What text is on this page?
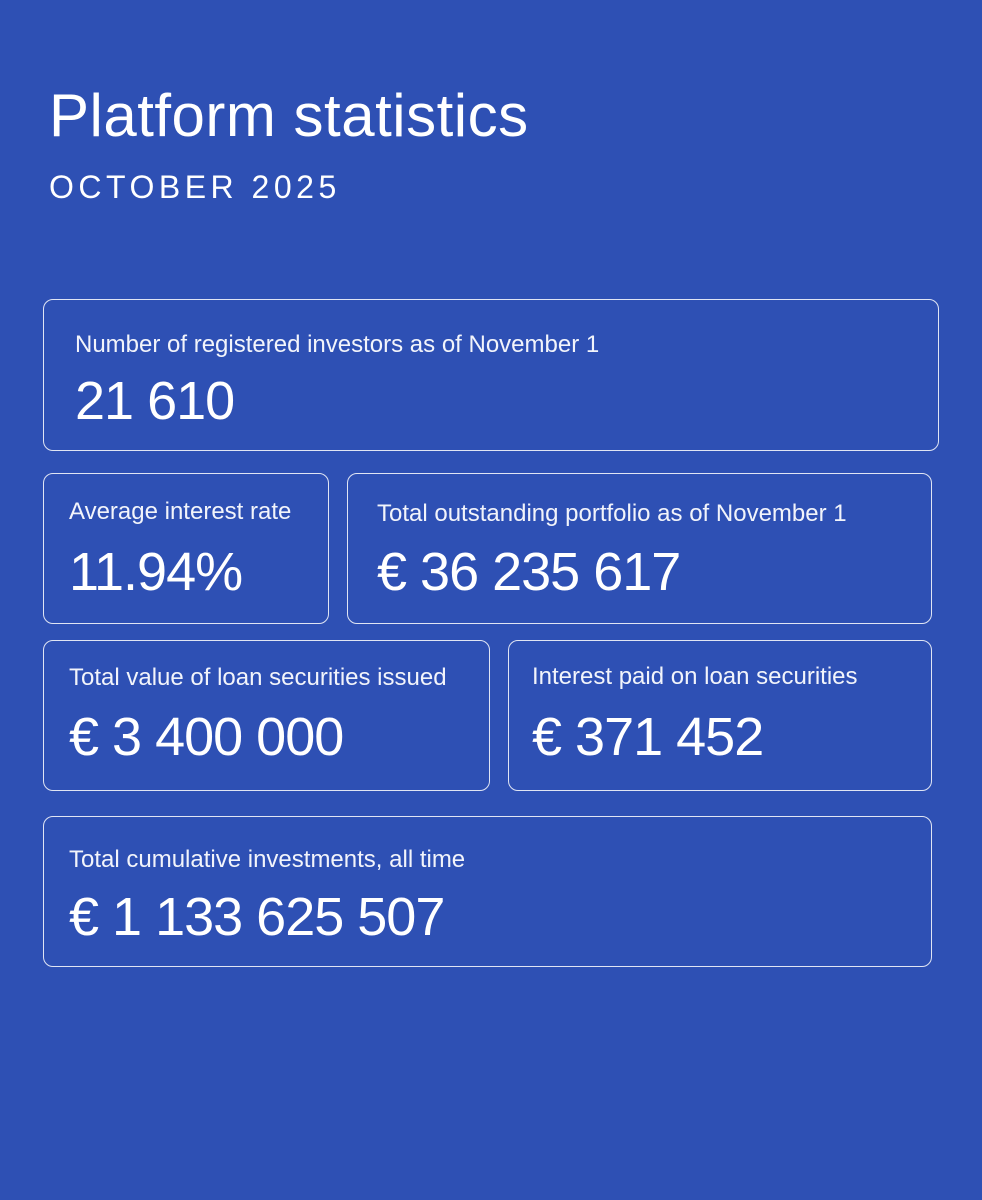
Platform statistics
OCTOBER 2025
Number of registered investors as of November 1
21 610
Average interest rate
11.94%
Total outstanding portfolio as of November 1
€ 36 235 617
Total value of loan securities issued
€ 3 400 000
Interest paid on loan securities
€ 371 452
Total cumulative investments, all time
€ 1 133 625 507
